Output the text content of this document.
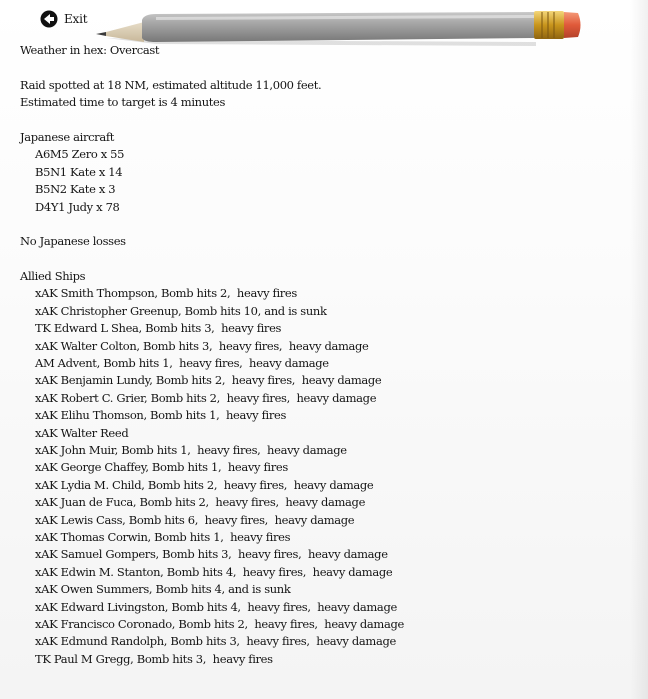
Exit
Weather in hex: Overcast
Raid spotted at 18 NM, estimated altitude 11,000 feet.
Estimated time to target is 4 minutes
Japanese aircraft
A6M5 Zero x 55
B5N1 Kate x 14
B5N2 Kate x 3
D4Y1 Judy x 78
No Japanese losses
Allied Ships
xAK Smith Thompson, Bomb hits 2,  heavy fires
xAK Christopher Greenup, Bomb hits 10, and is sunk
TK Edward L Shea, Bomb hits 3,  heavy fires
xAK Walter Colton, Bomb hits 3,  heavy fires,  heavy damage
AM Advent, Bomb hits 1,  heavy fires,  heavy damage
xAK Benjamin Lundy, Bomb hits 2,  heavy fires,  heavy damage
xAK Robert C. Grier, Bomb hits 2,  heavy fires,  heavy damage
xAK Elihu Thomson, Bomb hits 1,  heavy fires
xAK Walter Reed
xAK John Muir, Bomb hits 1,  heavy fires,  heavy damage
xAK George Chaffey, Bomb hits 1,  heavy fires
xAK Lydia M. Child, Bomb hits 2,  heavy fires,  heavy damage
xAK Juan de Fuca, Bomb hits 2,  heavy fires,  heavy damage
xAK Lewis Cass, Bomb hits 6,  heavy fires,  heavy damage
xAK Thomas Corwin, Bomb hits 1,  heavy fires
xAK Samuel Gompers, Bomb hits 3,  heavy fires,  heavy damage
xAK Edwin M. Stanton, Bomb hits 4,  heavy fires,  heavy damage
xAK Owen Summers, Bomb hits 4, and is sunk
xAK Edward Livingston, Bomb hits 4,  heavy fires,  heavy damage
xAK Francisco Coronado, Bomb hits 2,  heavy fires,  heavy damage
xAK Edmund Randolph, Bomb hits 3,  heavy fires,  heavy damage
TK Paul M Gregg, Bomb hits 3,  heavy fires
